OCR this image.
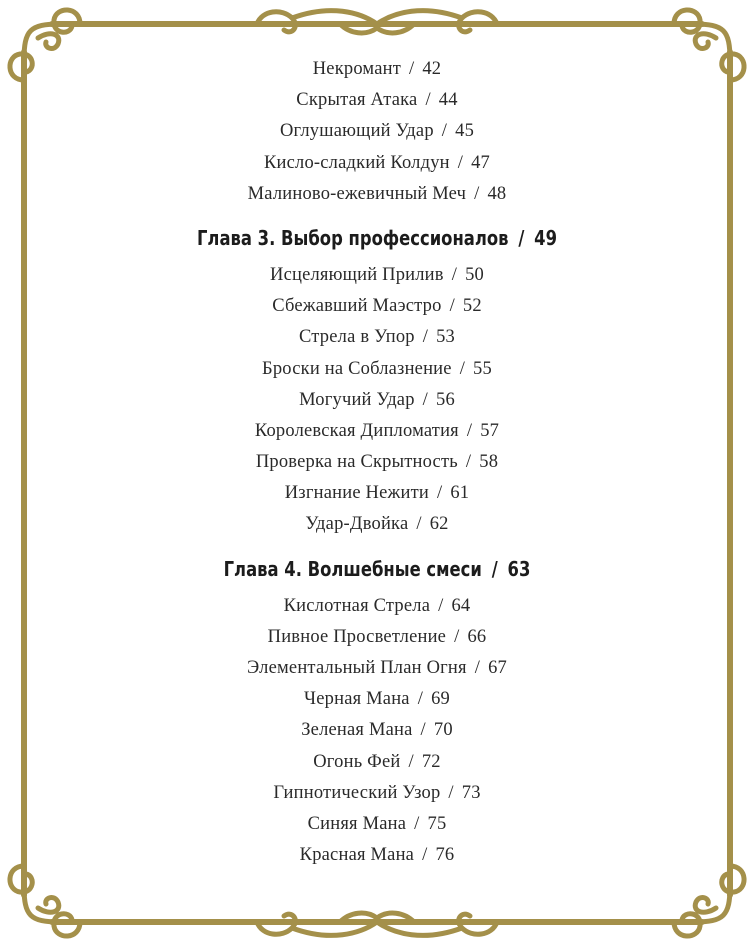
Некромант / 42
Скрытая Атака / 44
Оглушающий Удар / 45
Кисло-сладкий Колдун / 47
Малиново-ежевичный Меч / 48
Глава 3. Выбор профессионалов / 49
Исцеляющий Прилив / 50
Сбежавший Маэстро / 52
Стрела в Упор / 53
Броски на Соблазнение / 55
Могучий Удар / 56
Королевская Дипломатия / 57
Проверка на Скрытность / 58
Изгнание Нежити / 61
Удар-Двойка / 62
Глава 4. Волшебные смеси / 63
Кислотная Стрела / 64
Пивное Просветление / 66
Элементальный План Огня / 67
Черная Мана / 69
Зеленая Мана / 70
Огонь Фей / 72
Гипнотический Узор / 73
Синяя Мана / 75
Красная Мана / 76
